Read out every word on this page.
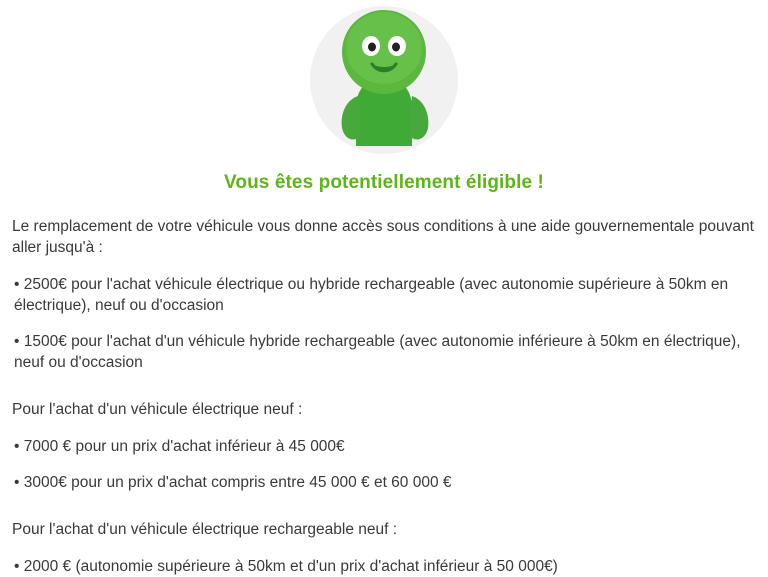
Vous êtes potentiellement éligible !

Le remplacement de votre véhicule vous donne accès sous conditions à une aide gouvernementale pouvant aller jusqu'à :

• 2500€ pour l'achat véhicule électrique ou hybride rechargeable (avec autonomie supérieure à 50km en électrique), neuf ou d'occasion

• 1500€ pour l'achat d'un véhicule hybride rechargeable (avec autonomie inférieure à 50km en électrique), neuf ou d'occasion

Pour l'achat d'un véhicule électrique neuf :

• 7000 € pour un prix d'achat inférieur à 45 000€

• 3000€ pour un prix d'achat compris entre 45 000 € et 60 000 €

Pour l'achat d'un véhicule électrique rechargeable neuf :

• 2000 € (autonomie supérieure à 50km et d'un prix d'achat inférieur à 50 000€)
